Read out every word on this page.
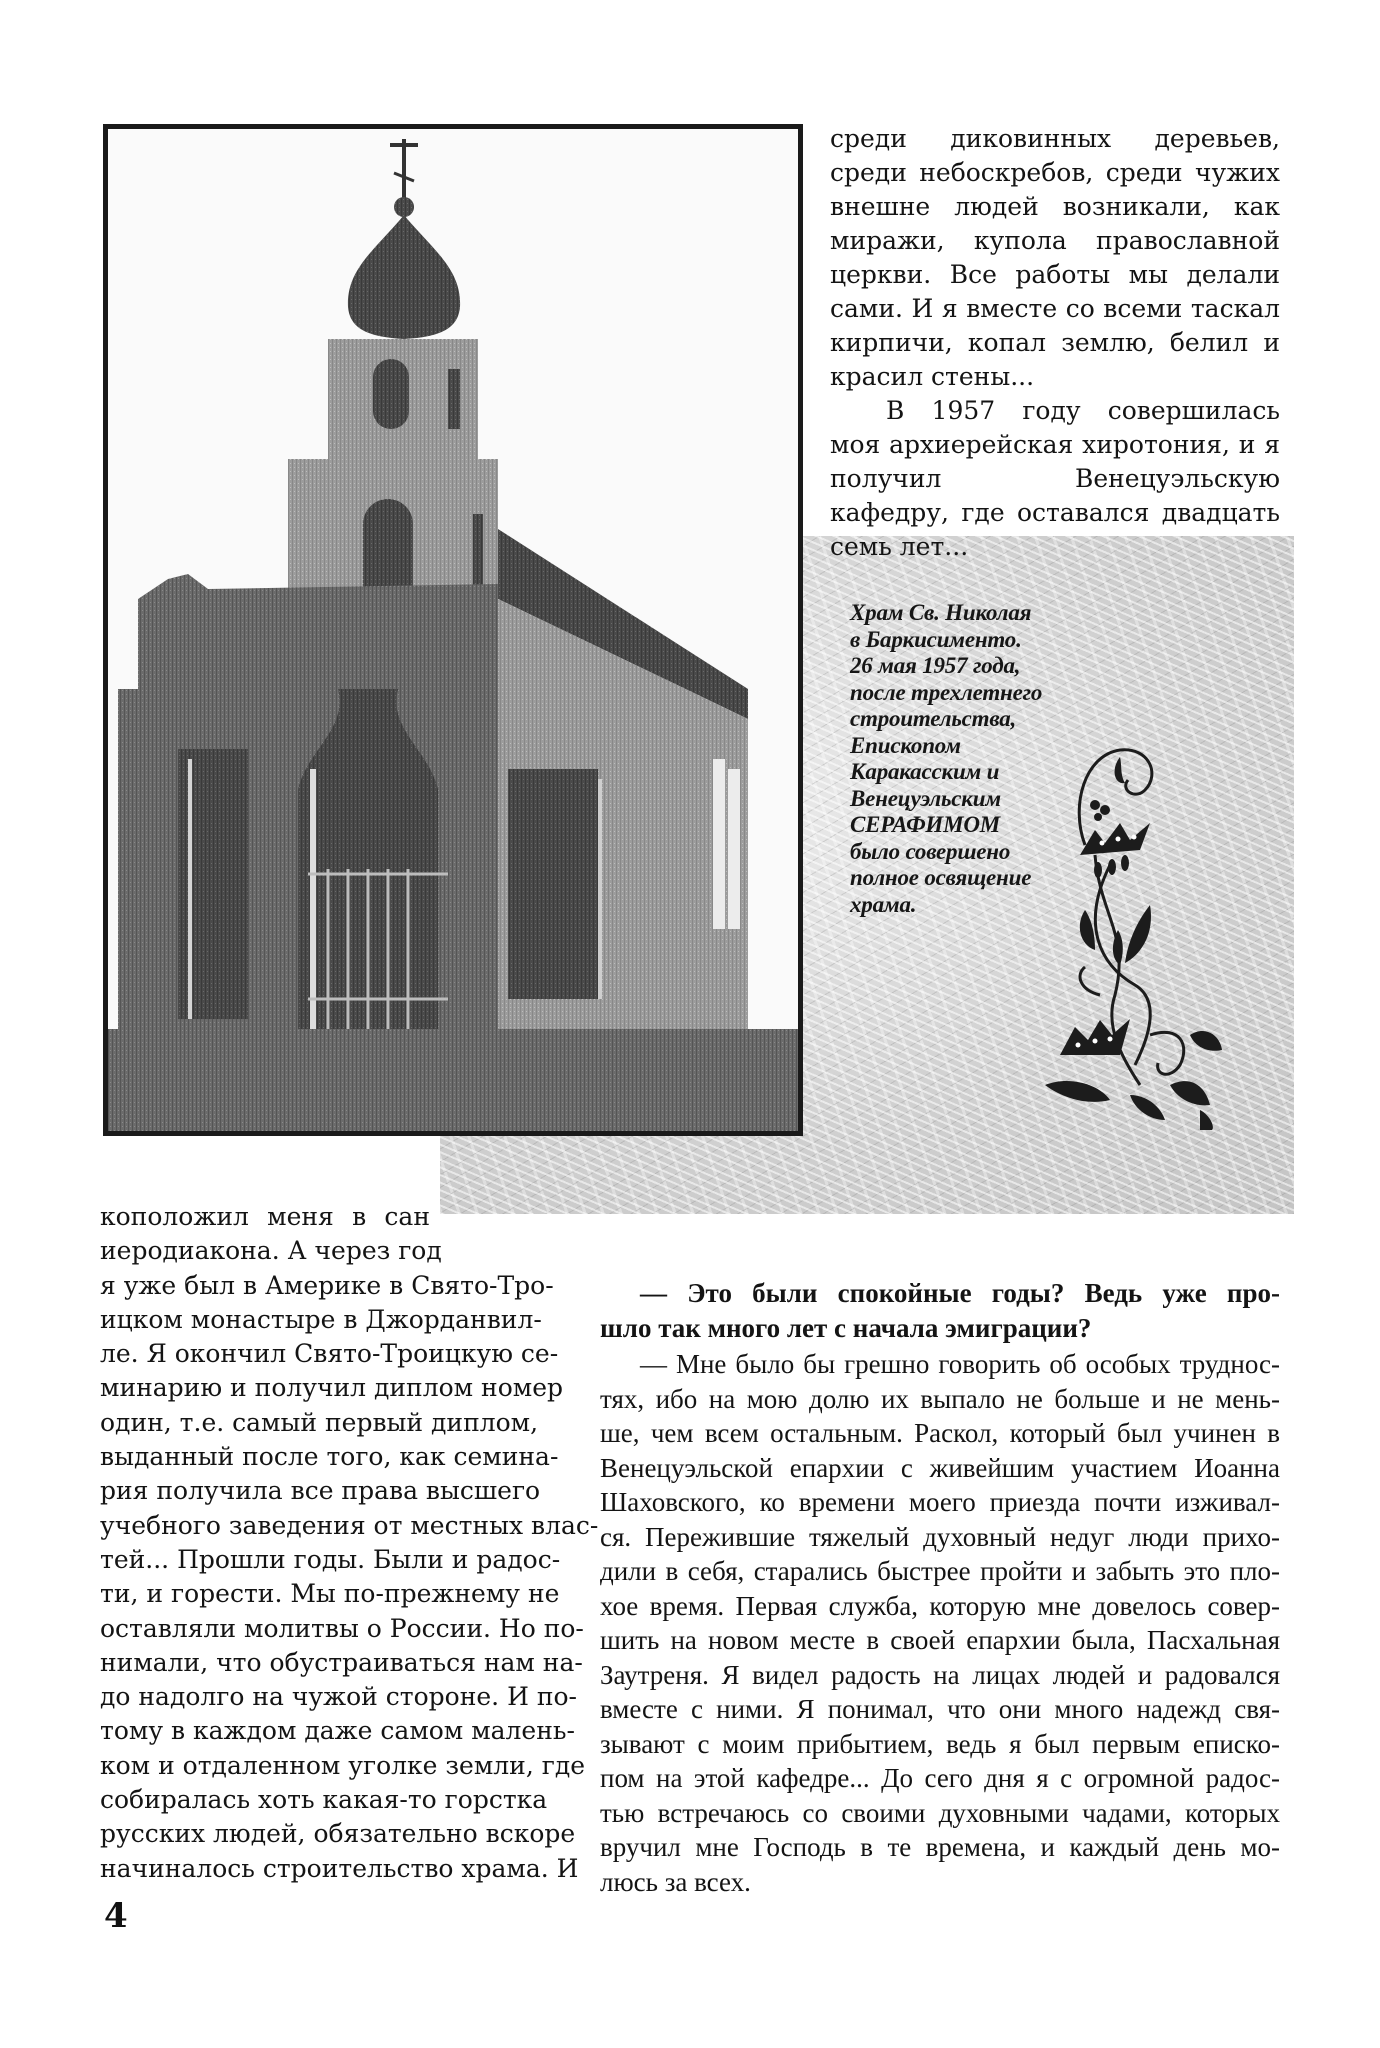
среди диковинных деревьев, среди небоскребов, среди чужих внешне людей возникали, как миражи, купола православной церкви. Все работы мы делали сами. И я вместе со всеми таскал кирпичи, копал землю, белил и красил стены...

В 1957 году совершилась моя архиерейская хиротония, и я получил Венецуэльскую кафедру, где оставался двадцать семь лет...

Храм Св. Николая
в Баркисименто.
26 мая 1957 года,
после трехлетнего
строительства,
Епископом
Каракасским и
Венецуэльским
СЕРАФИМОМ
было совершено
полное освящение
храма.
коположил меня в сан
иеродиакона. А через год
я уже был в Америке в Свято-Тро-
ицком монастыре в Джорданвил-
ле. Я окончил Свято-Троицкую се-
минарию и получил диплом номер
один, т.е. самый первый диплом,
выданный после того, как семина-
рия получила все права высшего
учебного заведения от местных влас-
тей... Прошли годы. Были и радос-
ти, и горести. Мы по-прежнему не
оставляли молитвы о России. Но по-
нимали, что обустраиваться нам на-
до надолго на чужой стороне. И по-
тому в каждом даже самом малень-
ком и отдаленном уголке земли, где
собиралась хоть какая-то горстка
русских людей, обязательно вскоре
начиналось строительство храма. И
— Это были спокойные годы? Ведь уже про-
шло так много лет с начала эмиграции?
— Мне было бы грешно говорить об особых труднос-
тях, ибо на мою долю их выпало не больше и не мень-
ше, чем всем остальным. Раскол, который был учинен в
Венецуэльской епархии с живейшим участием Иоанна
Шаховского, ко времени моего приезда почти изживал-
ся. Пережившие тяжелый духовный недуг люди прихо-
дили в себя, старались быстрее пройти и забыть это пло-
хое время. Первая служба, которую мне довелось совер-
шить на новом месте в своей епархии была, Пасхальная
Заутреня. Я видел радость на лицах людей и радовался
вместе с ними. Я понимал, что они много надежд свя-
зывают с моим прибытием, ведь я был первым еписко-
пом на этой кафедре... До сего дня я с огромной радос-
тью встречаюсь со своими духовными чадами, которых
вручил мне Господь в те времена, и каждый день мо-
люсь за всех.
4
